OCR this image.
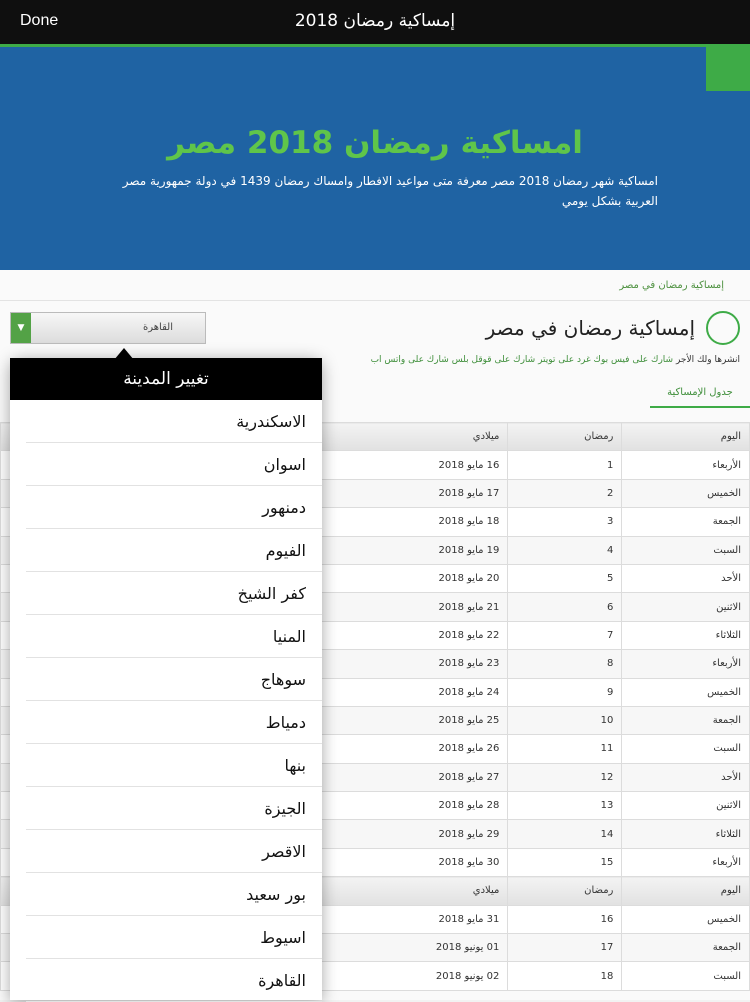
Done	إمساكية رمضان 2018
امساكية رمضان 2018 مصر

امساكية شهر رمضان 2018 مصر معرفة متى مواعيد الافطار وامساك رمضان 1439 في دولة جمهورية مصر العربية بشكل يومي

إمساكية رمضان في مصر
▼	القاهرة	إمساكية رمضان في مصر
انشرها ولك الأجر شارك على فيس بوك غرد على تويتر شارك على قوقل بلس شارك على واتس اب
جدول الإمساكية
اليوم	رمضان	ميلادي		
الأربعاء	1	16 مايو 2018		
الخميس	2	17 مايو 2018		
الجمعة	3	18 مايو 2018		
السبت	4	19 مايو 2018		
الأحد	5	20 مايو 2018		
الاثنين	6	21 مايو 2018		
الثلاثاء	7	22 مايو 2018		
الأربعاء	8	23 مايو 2018		
الخميس	9	24 مايو 2018		
الجمعة	10	25 مايو 2018		
السبت	11	26 مايو 2018		
الأحد	12	27 مايو 2018		
الاثنين	13	28 مايو 2018		
الثلاثاء	14	29 مايو 2018		
الأربعاء	15	30 مايو 2018		
اليوم	رمضان	ميلادي		
الخميس	16	31 مايو 2018		
الجمعة	17	01 يونيو 2018		
السبت	18	02 يونيو 2018		
تغيير المدينة
الاسكندرية
اسوان
دمنهور
الفيوم
كفر الشيخ
المنيا
سوهاج
دمياط
بنها
الجيزة
الاقصر
بور سعيد
اسيوط
القاهرة
